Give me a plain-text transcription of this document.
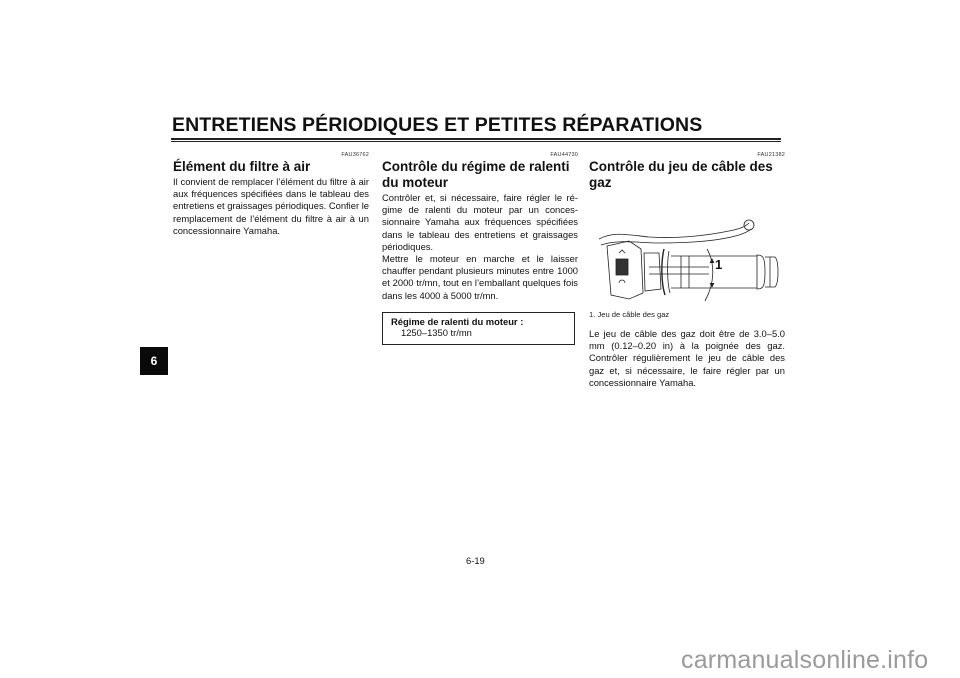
ENTRETIENS PÉRIODIQUES ET PETITES RÉPARATIONS
6
FAU36762
Élément du filtre à air

Il convient de remplacer l’élément du filtre à air aux fréquences spécifiées dans le tableau des entretiens et graissages périodiques. Confier le remplacement de l’élément du filtre à air à un concessionnaire Yamaha.

FAU44730
Contrôle du régime de ralenti du moteur

Contrôler et, si nécessaire, faire régler le régime de ralenti du moteur par un concessionnaire Yamaha aux fréquences spécifiées dans le tableau des entretiens et graissages périodiques.

Mettre le moteur en marche et le laisser chauffer pendant plusieurs minutes entre 1000 et 2000 tr/mn, tout en l’emballant quelques fois dans les 4000 à 5000 tr/mn.

Régime de ralenti du moteur :
1250–1350 tr/mn
FAU21382
Contrôle du jeu de câble des gaz
1
1. Jeu de câble des gaz

Le jeu de câble des gaz doit être de 3.0–5.0 mm (0.12–0.20 in) à la poignée des gaz. Contrôler régulièrement le jeu de câble des gaz et, si nécessaire, le faire régler par un concessionnaire Yamaha.

6-19
carmanualsonline.info
